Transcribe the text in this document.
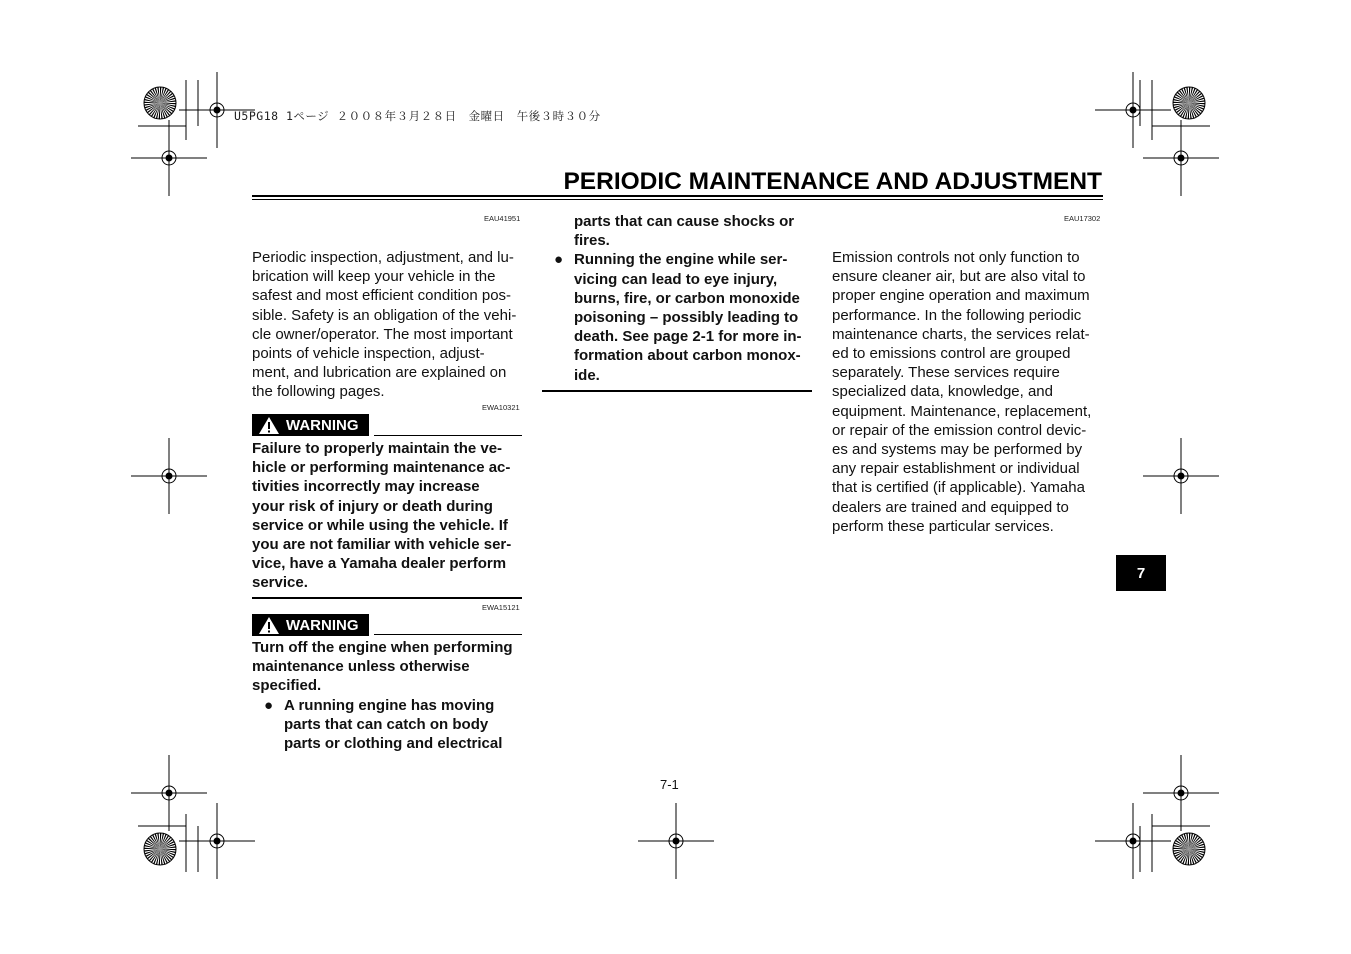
U5PG18 1ページ ２００８年３月２８日　金曜日　午後３時３０分
PERIODIC MAINTENANCE AND ADJUSTMENT
EAU41951
Periodic inspection, adjustment, and lu-
brication will keep your vehicle in the
safest and most efficient condition pos-
sible. Safety is an obligation of the vehi-
cle owner/operator. The most important
points of vehicle inspection, adjust-
ment, and lubrication are explained on
the following pages.
EWA10321
WARNING
Failure to properly maintain the ve-
hicle or performing maintenance ac-
tivities incorrectly may increase
your risk of injury or death during
service or while using the vehicle. If
you are not familiar with vehicle ser-
vice, have a Yamaha dealer perform
service.
EWA15121
WARNING
Turn off the engine when performing
maintenance unless otherwise
specified.
● A running engine has moving
parts that can catch on body
parts or clothing and electrical
parts that can cause shocks or
fires.
● Running the engine while ser-
vicing can lead to eye injury,
burns, fire, or carbon monoxide
poisoning – possibly leading to
death. See page 2-1 for more in-
formation about carbon monox-
ide.
EAU17302
Emission controls not only function to
ensure cleaner air, but are also vital to
proper engine operation and maximum
performance. In the following periodic
maintenance charts, the services relat-
ed to emissions control are grouped
separately. These services require
specialized data, knowledge, and
equipment. Maintenance, replacement,
or repair of the emission control devic-
es and systems may be performed by
any repair establishment or individual
that is certified (if applicable). Yamaha
dealers are trained and equipped to
perform these particular services.
7
7-1
